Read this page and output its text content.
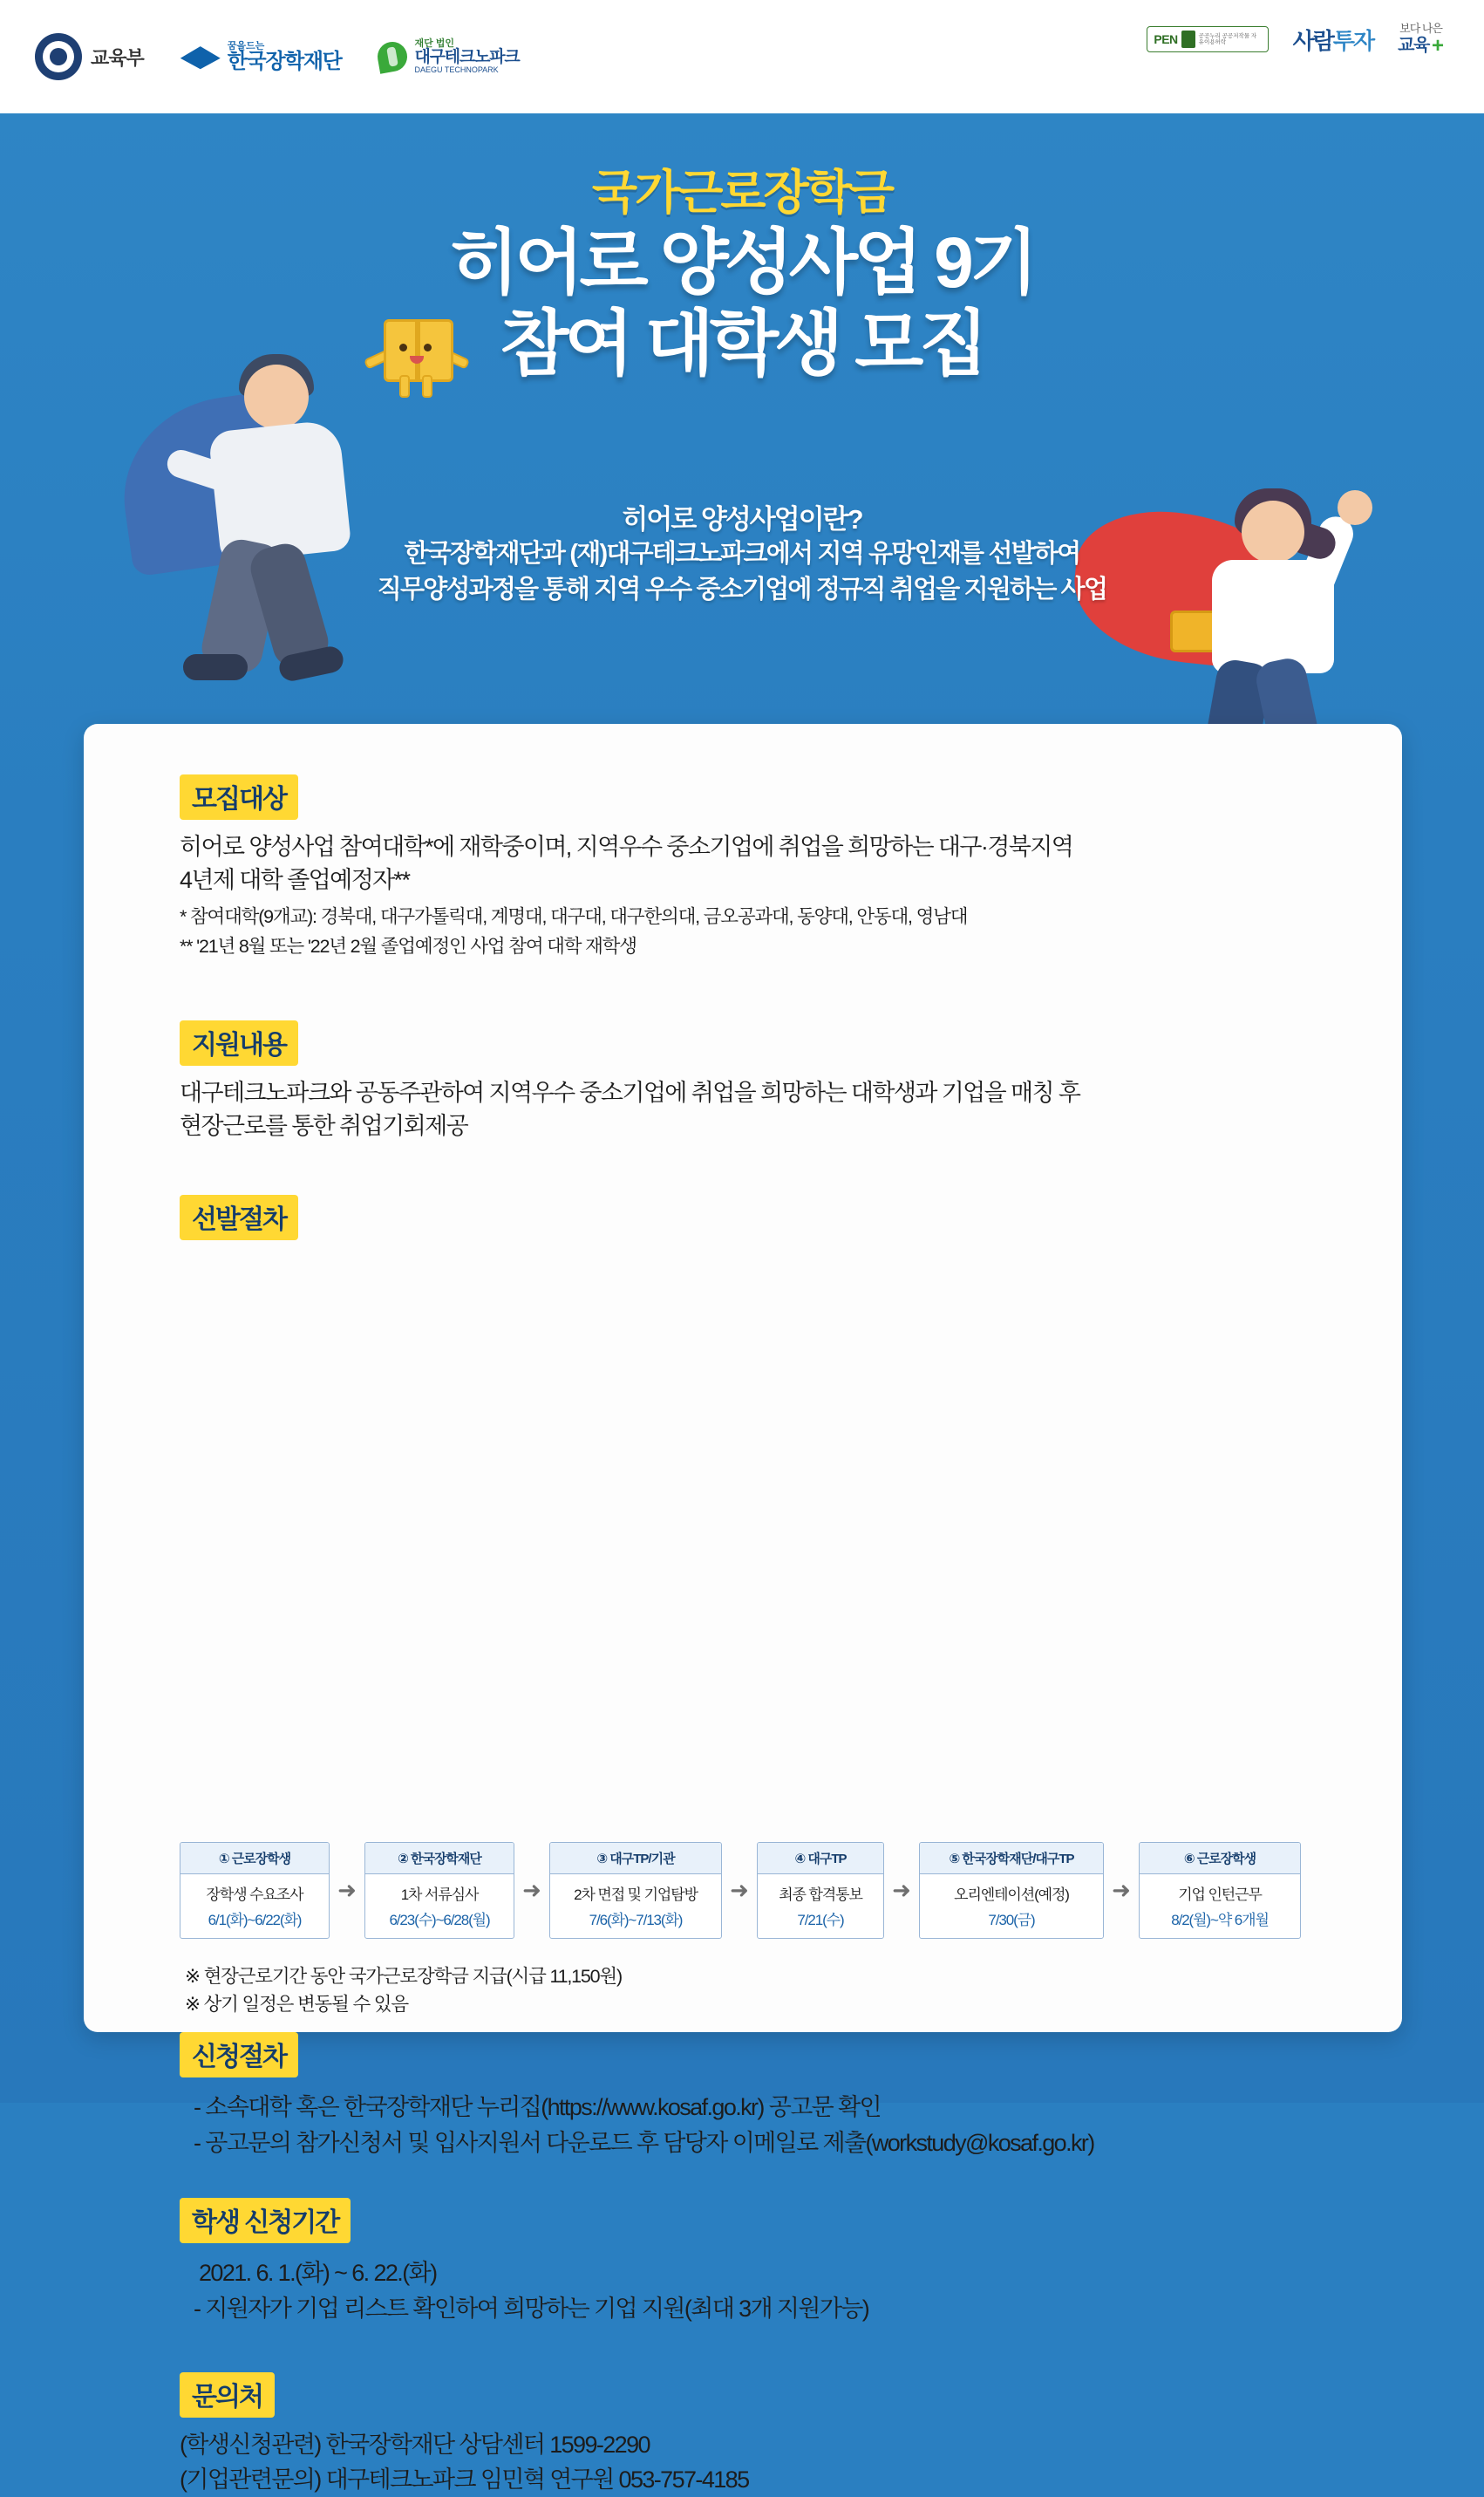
교육부
꿈을드는
한국장학재단
재단 법인
대구테크노파크
DAEGU TECHNOPARK
PEN	공공누리 공공저작물 자유이용허락	사람투자 보다 나은
교육 +
국가근로장학금
히어로 양성사업 9기
참여 대학생 모집
히어로 양성사업이란?
한국장학재단과 (재)대구테크노파크에서 지역 유망인재를 선발하여
직무양성과정을 통해 지역 우수 중소기업에 정규직 취업을 지원하는 사업
모집대상
히어로 양성사업 참여대학*에 재학중이며, 지역우수 중소기업에 취업을 희망하는 대구·경북지역
4년제 대학 졸업예정자**
* 참여대학(9개교): 경북대, 대구가톨릭대, 계명대, 대구대, 대구한의대, 금오공과대, 동양대, 안동대, 영남대
** '21년 8월 또는 '22년 2월 졸업예정인 사업 참여 대학 재학생
지원내용
대구테크노파크와 공동주관하여 지역우수 중소기업에 취업을 희망하는 대학생과 기업을 매칭 후
현장근로를 통한 취업기회제공
선발절차
① 근로장학생
장학생 수요조사
6/1(화)~6/22(화)
➜
② 한국장학재단
1차 서류심사
6/23(수)~6/28(월)
➜
③ 대구TP/기관
2차 면접 및 기업탐방
7/6(화)~7/13(화)
➜
④ 대구TP
최종 합격통보
7/21(수)
➜
⑤ 한국장학재단/대구TP
오리엔테이션(예정)
7/30(금)
➜
⑥ 근로장학생
기업 인턴근무
8/2(월)~약 6개월
※ 현장근로기간 동안 국가근로장학금 지급(시급 11,150원)
※ 상기 일정은 변동될 수 있음
신청절차
- 소속대학 혹은 한국장학재단 누리집(https://www.kosaf.go.kr) 공고문 확인
- 공고문의 참가신청서 및 입사지원서 다운로드 후 담당자 이메일로 제출(workstudy@kosaf.go.kr)
학생 신청기간
2021. 6. 1.(화) ~ 6. 22.(화)
- 지원자가 기업 리스트 확인하여 희망하는 기업 지원(최대 3개 지원가능)
문의처
(학생신청관련) 한국장학재단 상담센터 1599-2290
(기업관련문의) 대구테크노파크 임민혁 연구원 053-757-4185
